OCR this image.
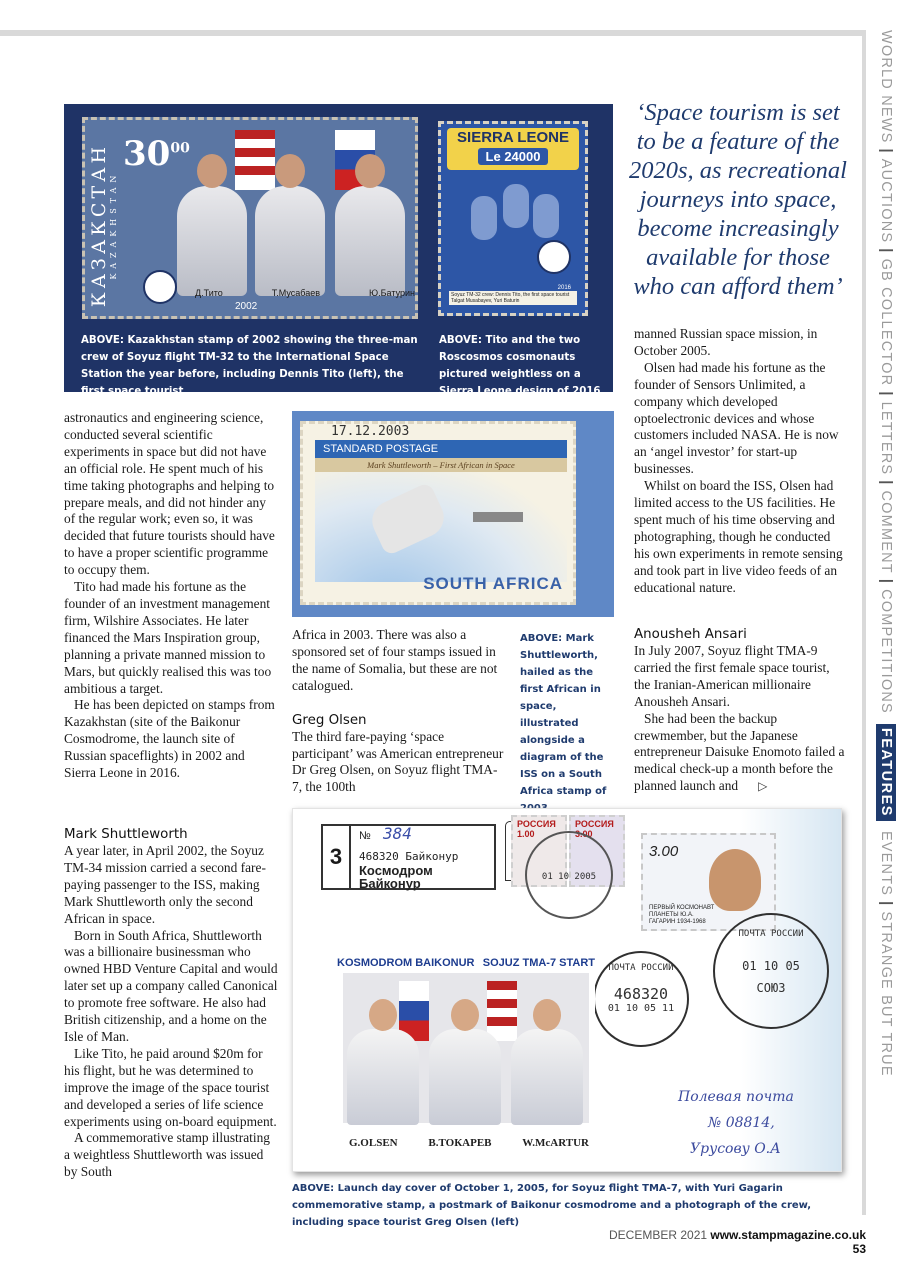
WORLD NEWS
|
AUCTIONS
|
GB COLLECTOR
|
LETTERS
|
COMMENT
|
COMPETITIONS
FEATURES
EVENTS
|
STRANGE BUT TRUE
КАЗАКСТАН KAZAKHSTAN
$30^{00}$
Д.Тито	Т.Мусабаев	Ю.Батурин
2002
SIERRA LEONE
Le 24000
2016
Soyuz TM-32 crew: Dennis Tito, the first space tourist Talgat Musabayev, Yuri Baturin
ABOVE: Kazakhstan stamp of 2002 showing the three-man crew of Soyuz flight TM-32 to the International Space Station the year before, including Dennis Tito (left), the first space tourist
ABOVE: Tito and the two Roscosmos cosmonauts pictured weightless on a Sierra Leone design of 2016
‘Space tourism is set to be a feature of the 2020s, as recreational journeys into space, become increasingly available for those who can afford them’

astronautics and engineering science, conducted several scientific experiments in space but did not have an official role. He spent much of his time taking photographs and helping to prepare meals, and did not hinder any of the regular work; even so, it was decided that future tourists should have to have a proper scientific programme to occupy them.

Tito had made his fortune as the founder of an investment management firm, Wilshire Associates. He later financed the Mars Inspiration group, planning a private manned mission to Mars, but quickly realised this was too ambitious a target.

He has been depicted on stamps from Kazakhstan (site of the Baikonur Cosmodrome, the launch site of Russian spaceflights) in 2002 and Sierra Leone in 2016.

Mark Shuttleworth

A year later, in April 2002, the Soyuz TM-34 mission carried a second fare-paying passenger to the ISS, making Mark Shuttleworth only the second African in space.

Born in South Africa, Shuttleworth was a billionaire businessman who owned HBD Venture Capital and would later set up a company called Canonical to promote free software. He also had British citizenship, and a home on the Isle of Man.

Like Tito, he paid around $20m for his flight, but he was determined to improve the image of the space tourist and developed a series of life science experiments using on-board equipment.

A commemorative stamp illustrating a weightless Shuttleworth was issued by South

17.12.2003
STANDARD POSTAGE
Mark Shuttleworth – First African in Space
SOUTH AFRICA
ABOVE: Mark Shuttleworth, hailed as the first African in space, illustrated alongside a diagram of the ISS on a South Africa stamp of

Africa in 2003. There was also a sponsored set of four stamps issued in the name of Somalia, but these are not catalogued.

Greg Olsen

The third fare-paying ‘space participant’ was American entrepreneur Dr Greg Olsen, on Soyuz flight TMA-7, the 100th

manned Russian space mission, in October 2005.

Olsen had made his fortune as the founder of Sensors Unlimited, a company which developed optoelectronic devices and whose customers included NASA. He is now an ‘angel investor’ for start-up businesses.

Whilst on board the ISS, Olsen had limited access to the US facilities. He spent much of his time observing and photographing, though he conducted his own experiments in remote sensing and took part in live video feeds of an educational nature.

Anousheh Ansari

In July 2007, Soyuz flight TMA-9 carried the first female space tourist, the Iranian-American millionaire Anousheh Ansari.

She had been the backup crewmember, but the Japanese entrepreneur Daisuke Enomoto failed a medical check-up a month before the planned launch and ▷

3
№ 384
468320 Байконур
Космодром Байконур
РОССИЯ 1.00
РОССИЯ 3.00
01 10 2005
3.00
ПЕРВЫЙ КОСМОНАВТ ПЛАНЕТЫ Ю.А. ГАГАРИН 1934-1968
ПОЧТА РОССИИ
468320
01 10 05 11
ПОЧТА РОССИИ
01 10 05
СОЮЗ
KOSMODROM BAIKONUR SOJUZ TMA-7 START
G.OLSEN	В.ТОКАРЕВ	W.McARTUR
Полевая почта
№ 08814,
Урусову О.А
ABOVE: Launch day cover of October 1, 2005, for Soyuz flight TMA-7, with Yuri Gagarin commemorative stamp, a postmark of Baikonur cosmodrome and a photograph of the crew, including space tourist Greg Olsen (left)
DECEMBER 2021 www.stampmagazine.co.uk 53
